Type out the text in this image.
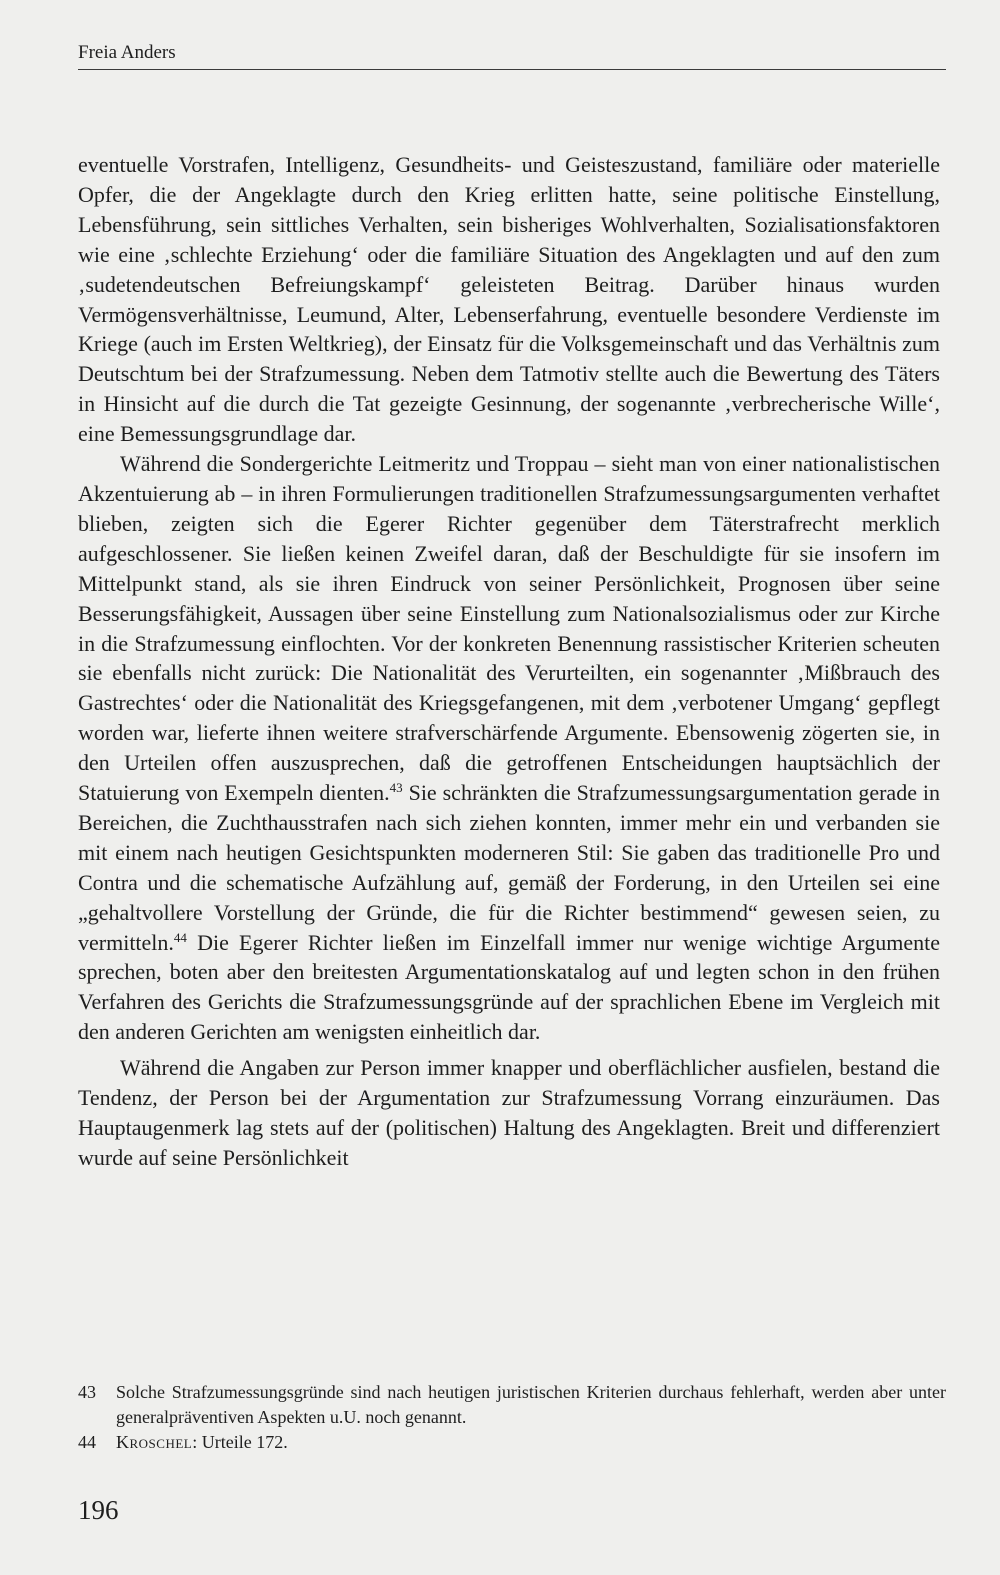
Freia Anders

eventuelle Vorstrafen, Intelligenz, Gesundheits- und Geisteszustand, familiäre oder materielle Opfer, die der Angeklagte durch den Krieg erlitten hatte, seine politische Einstellung, Lebensführung, sein sittliches Verhalten, sein bisheriges Wohlverhalten, Sozialisationsfaktoren wie eine ‚schlechte Erziehung‘ oder die familiäre Situation des Angeklagten und auf den zum ‚sudetendeutschen Befreiungskampf‘ geleisteten Beitrag. Darüber hinaus wurden Vermögensverhältnisse, Leumund, Alter, Lebenserfahrung, eventuelle besondere Verdienste im Kriege (auch im Ersten Weltkrieg), der Einsatz für die Volksgemeinschaft und das Verhältnis zum Deutschtum bei der Strafzumessung. Neben dem Tatmotiv stellte auch die Bewertung des Täters in Hinsicht auf die durch die Tat gezeigte Gesinnung, der sogenannte ‚verbrecherische Wille‘, eine Bemessungsgrundlage dar.

Während die Sondergerichte Leitmeritz und Troppau – sieht man von einer nationalistischen Akzentuierung ab – in ihren Formulierungen traditionellen Strafzumessungsargumenten verhaftet blieben, zeigten sich die Egerer Richter gegenüber dem Täterstrafrecht merklich aufgeschlossener. Sie ließen keinen Zweifel daran, daß der Beschuldigte für sie insofern im Mittelpunkt stand, als sie ihren Eindruck von seiner Persönlichkeit, Prognosen über seine Besserungsfähigkeit, Aussagen über seine Einstellung zum Nationalsozialismus oder zur Kirche in die Strafzumessung einflochten. Vor der konkreten Benennung rassistischer Kriterien scheuten sie ebenfalls nicht zurück: Die Nationalität des Verurteilten, ein sogenannter ‚Mißbrauch des Gastrechtes‘ oder die Nationalität des Kriegsgefangenen, mit dem ‚verbotener Umgang‘ gepflegt worden war, lieferte ihnen weitere strafverschärfende Argumente. Ebensowenig zögerten sie, in den Urteilen offen auszusprechen, daß die getroffenen Entscheidungen hauptsächlich der Statuierung von Exempeln dienten.$^{43}$ Sie schränkten die Strafzumessungsargumentation gerade in Bereichen, die Zuchthausstrafen nach sich ziehen konnten, immer mehr ein und verbanden sie mit einem nach heutigen Gesichtspunkten moderneren Stil: Sie gaben das traditionelle Pro und Contra und die schematische Aufzählung auf, gemäß der Forderung, in den Urteilen sei eine „gehaltvollere Vorstellung der Gründe, die für die Richter bestimmend“ gewesen seien, zu vermitteln.$^{44}$ Die Egerer Richter ließen im Einzelfall immer nur wenige wichtige Argumente sprechen, boten aber den breitesten Argumentationskatalog auf und legten schon in den frühen Verfahren des Gerichts die Strafzumessungsgründe auf der sprachlichen Ebene im Vergleich mit den anderen Gerichten am wenigsten einheitlich dar.

Während die Angaben zur Person immer knapper und oberflächlicher ausfielen, bestand die Tendenz, der Person bei der Argumentation zur Strafzumessung Vorrang einzuräumen. Das Hauptaugenmerk lag stets auf der (politischen) Haltung des Angeklagten. Breit und differenziert wurde auf seine Persönlichkeit

43	Solche Strafzumessungsgründe sind nach heutigen juristischen Kriterien durchaus fehlerhaft, werden aber unter generalpräventiven Aspekten u.U. noch genannt.
44	Kroschel: Urteile 172.
196
